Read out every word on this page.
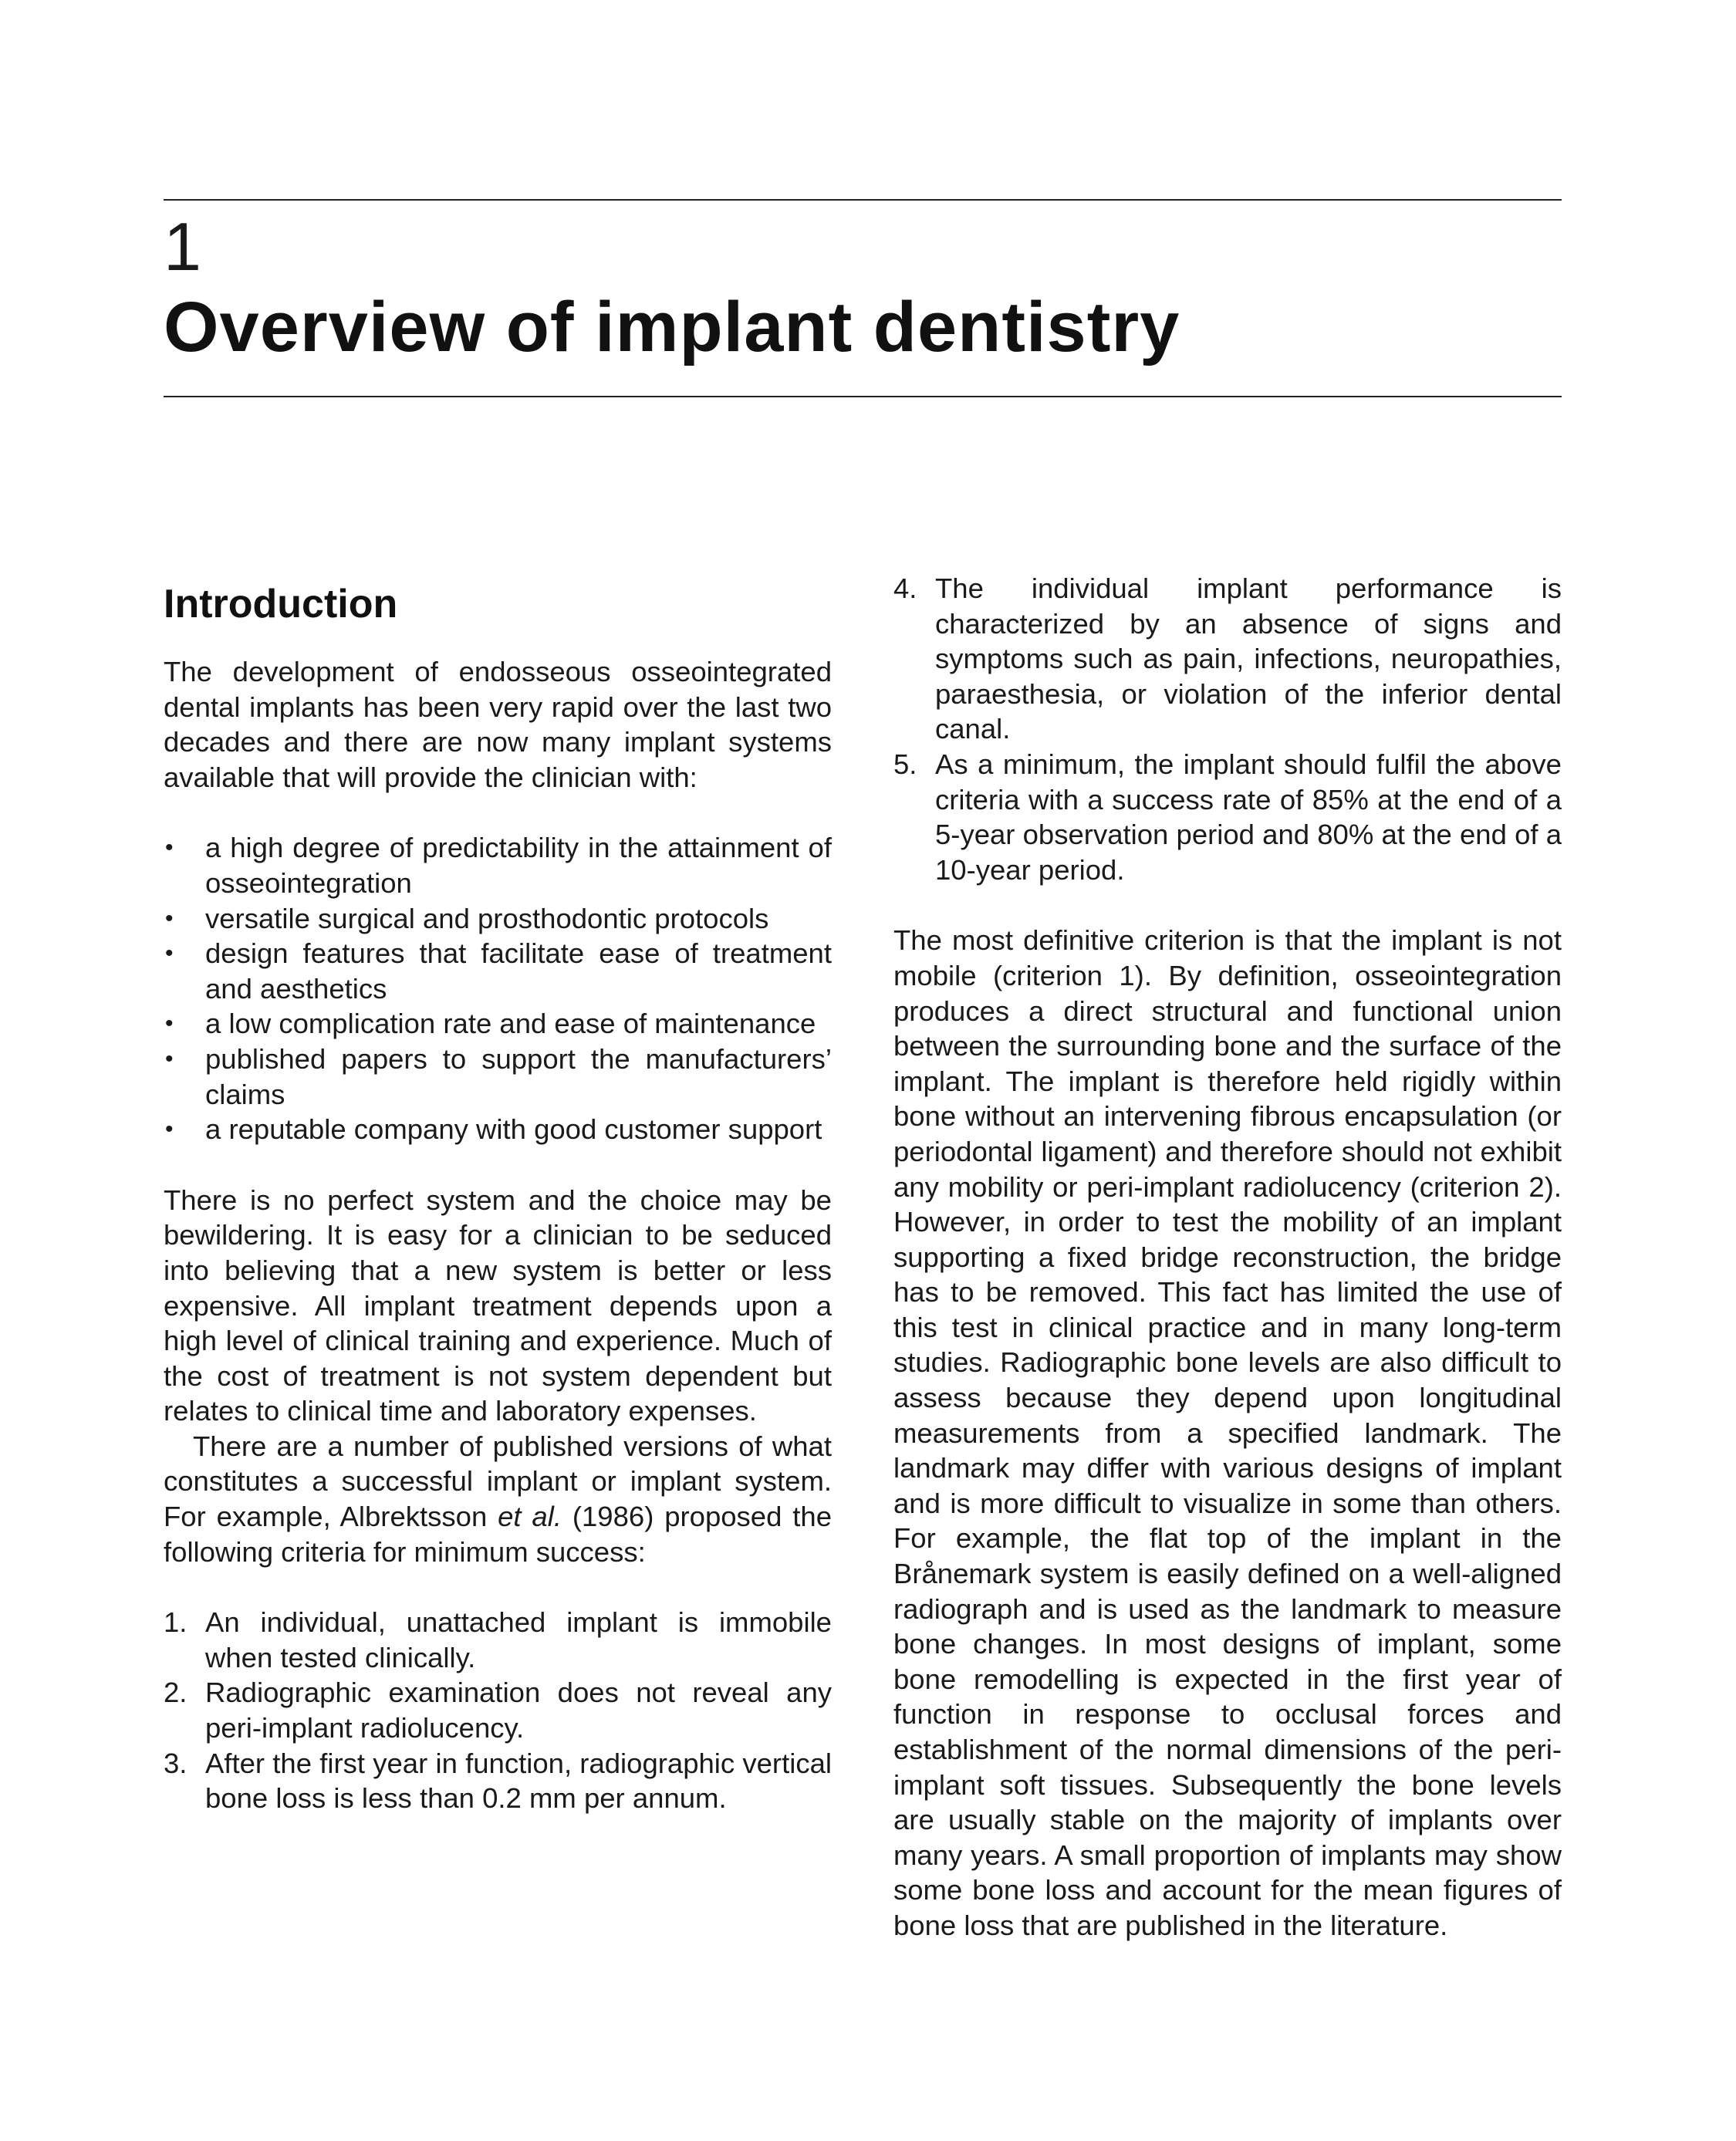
1
Overview of implant dentistry
Introduction

The development of endosseous osseointegrated dental implants has been very rapid over the last two decades and there are now many implant systems available that will provide the clinician with:

• a high degree of predictability in the attainment of osseointegration
• versatile surgical and prosthodontic protocols
• design features that facilitate ease of treatment and aesthetics
• a low complication rate and ease of maintenance
• published papers to support the manufacturers’ claims
• a reputable company with good customer support

There is no perfect system and the choice may be bewildering. It is easy for a clinician to be seduced into believing that a new system is better or less expensive. All implant treatment depends upon a high level of clinical training and experience. Much of the cost of treatment is not system dependent but relates to clinical time and laboratory expenses.

There are a number of published versions of what constitutes a successful implant or implant system. For example, Albrektsson et al. (1986) proposed the following criteria for minimum success:

1. An individual, unattached implant is immobile when tested clinically.
2. Radiographic examination does not reveal any peri-implant radiolucency.
3. After the first year in function, radiographic vertical bone loss is less than 0.2 mm per annum.
4. The individual implant performance is characterized by an absence of signs and symptoms such as pain, infections, neuropathies, paraesthesia, or violation of the inferior dental canal.
5. As a minimum, the implant should fulfil the above criteria with a success rate of 85% at the end of a 5-year observation period and 80% at the end of a 10-year period.

The most definitive criterion is that the implant is not mobile (criterion 1). By definition, osseointegration produces a direct structural and functional union between the surrounding bone and the surface of the implant. The implant is therefore held rigidly within bone without an intervening fibrous encapsulation (or periodontal ligament) and therefore should not exhibit any mobility or peri-implant radiolucency (criterion 2). However, in order to test the mobility of an implant supporting a fixed bridge reconstruction, the bridge has to be removed. This fact has limited the use of this test in clinical practice and in many long-term studies. Radiographic bone levels are also difficult to assess because they depend upon longitudinal measurements from a specified landmark. The landmark may differ with various designs of implant and is more difficult to visualize in some than others. For example, the flat top of the implant in the Brånemark system is easily defined on a well-aligned radiograph and is used as the landmark to measure bone changes. In most designs of implant, some bone remodelling is expected in the first year of function in response to occlusal forces and establishment of the normal dimensions of the peri-implant soft tissues. Subsequently the bone levels are usually stable on the majority of implants over many years. A small proportion of implants may show some bone loss and account for the mean figures of bone loss that are published in the literature.
